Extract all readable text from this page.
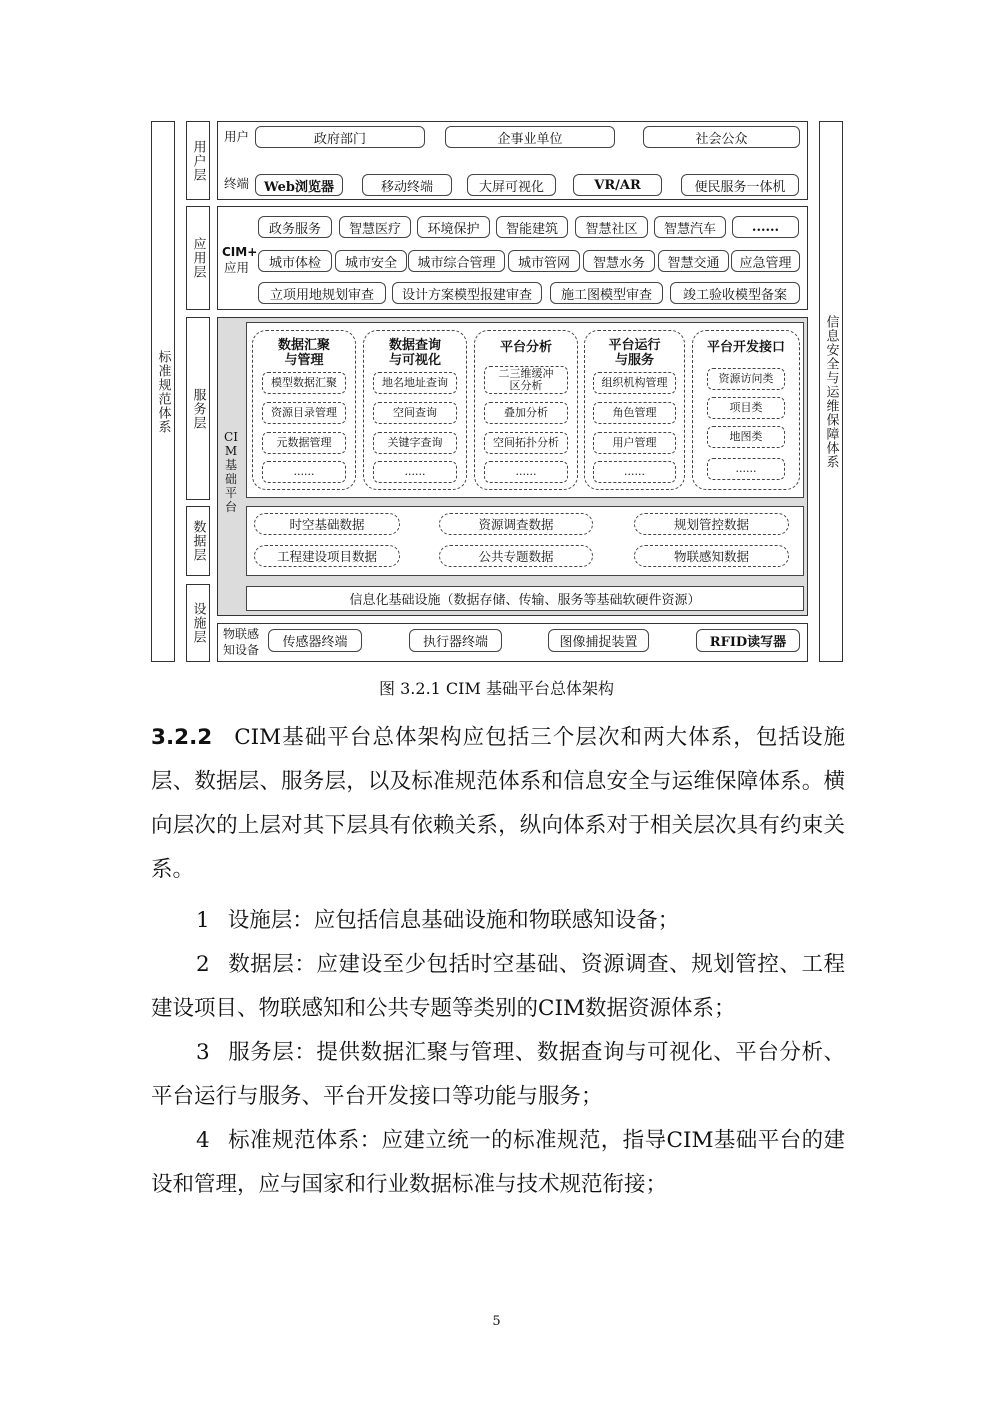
标准规范体系	信息安全与运维保障体系
用户层
应用层
服务层
数据层
设施层
用户	政府部门	企事业单位	社会公众
终端	Web浏览器	移动终端	大屏可视化	VR/AR	便民服务一体机
CIM+
应用
政务服务	智慧医疗	环境保护	智能建筑	智慧社区	智慧汽车	......
城市体检	城市安全	城市综合管理	城市管网	智慧水务	智慧交通	应急管理
立项用地规划审查	设计方案模型报建审查	施工图模型审查	竣工验收模型备案
CIM基础平台
数据汇聚
与管理
模型数据汇聚
资源目录管理
元数据管理
......
数据查询
与可视化
地名地址查询
空间查询
关键字查询
......
平台分析
二三维缓冲区分析
叠加分析
空间拓扑分析
......
平台运行
与服务
组织机构管理
角色管理
用户管理
......
平台开发接口
资源访问类
项目类
地图类
......
时空基础数据	资源调查数据	规划管控数据
工程建设项目数据	公共专题数据	物联感知数据
信息化基础设施（数据存储、传输、服务等基础软硬件资源）
物联感
知设备	传感器终端	执行器终端	图像捕捉装置	RFID读写器
图 3.2.1 CIM 基础平台总体架构
3.2.2 CIM基础平台总体架构应包括三个层次和两大体系，包括设施层、数据层、服务层，以及标准规范体系和信息安全与运维保障体系。横向层次的上层对其下层具有依赖关系，纵向体系对于相关层次具有约束关系。
1 设施层：应包括信息基础设施和物联感知设备；
2 数据层：应建设至少包括时空基础、资源调查、规划管控、工程建设项目、物联感知和公共专题等类别的CIM数据资源体系；
3 服务层：提供数据汇聚与管理、数据查询与可视化、平台分析、平台运行与服务、平台开发接口等功能与服务；
4 标准规范体系：应建立统一的标准规范，指导CIM基础平台的建设和管理，应与国家和行业数据标准与技术规范衔接；
5
